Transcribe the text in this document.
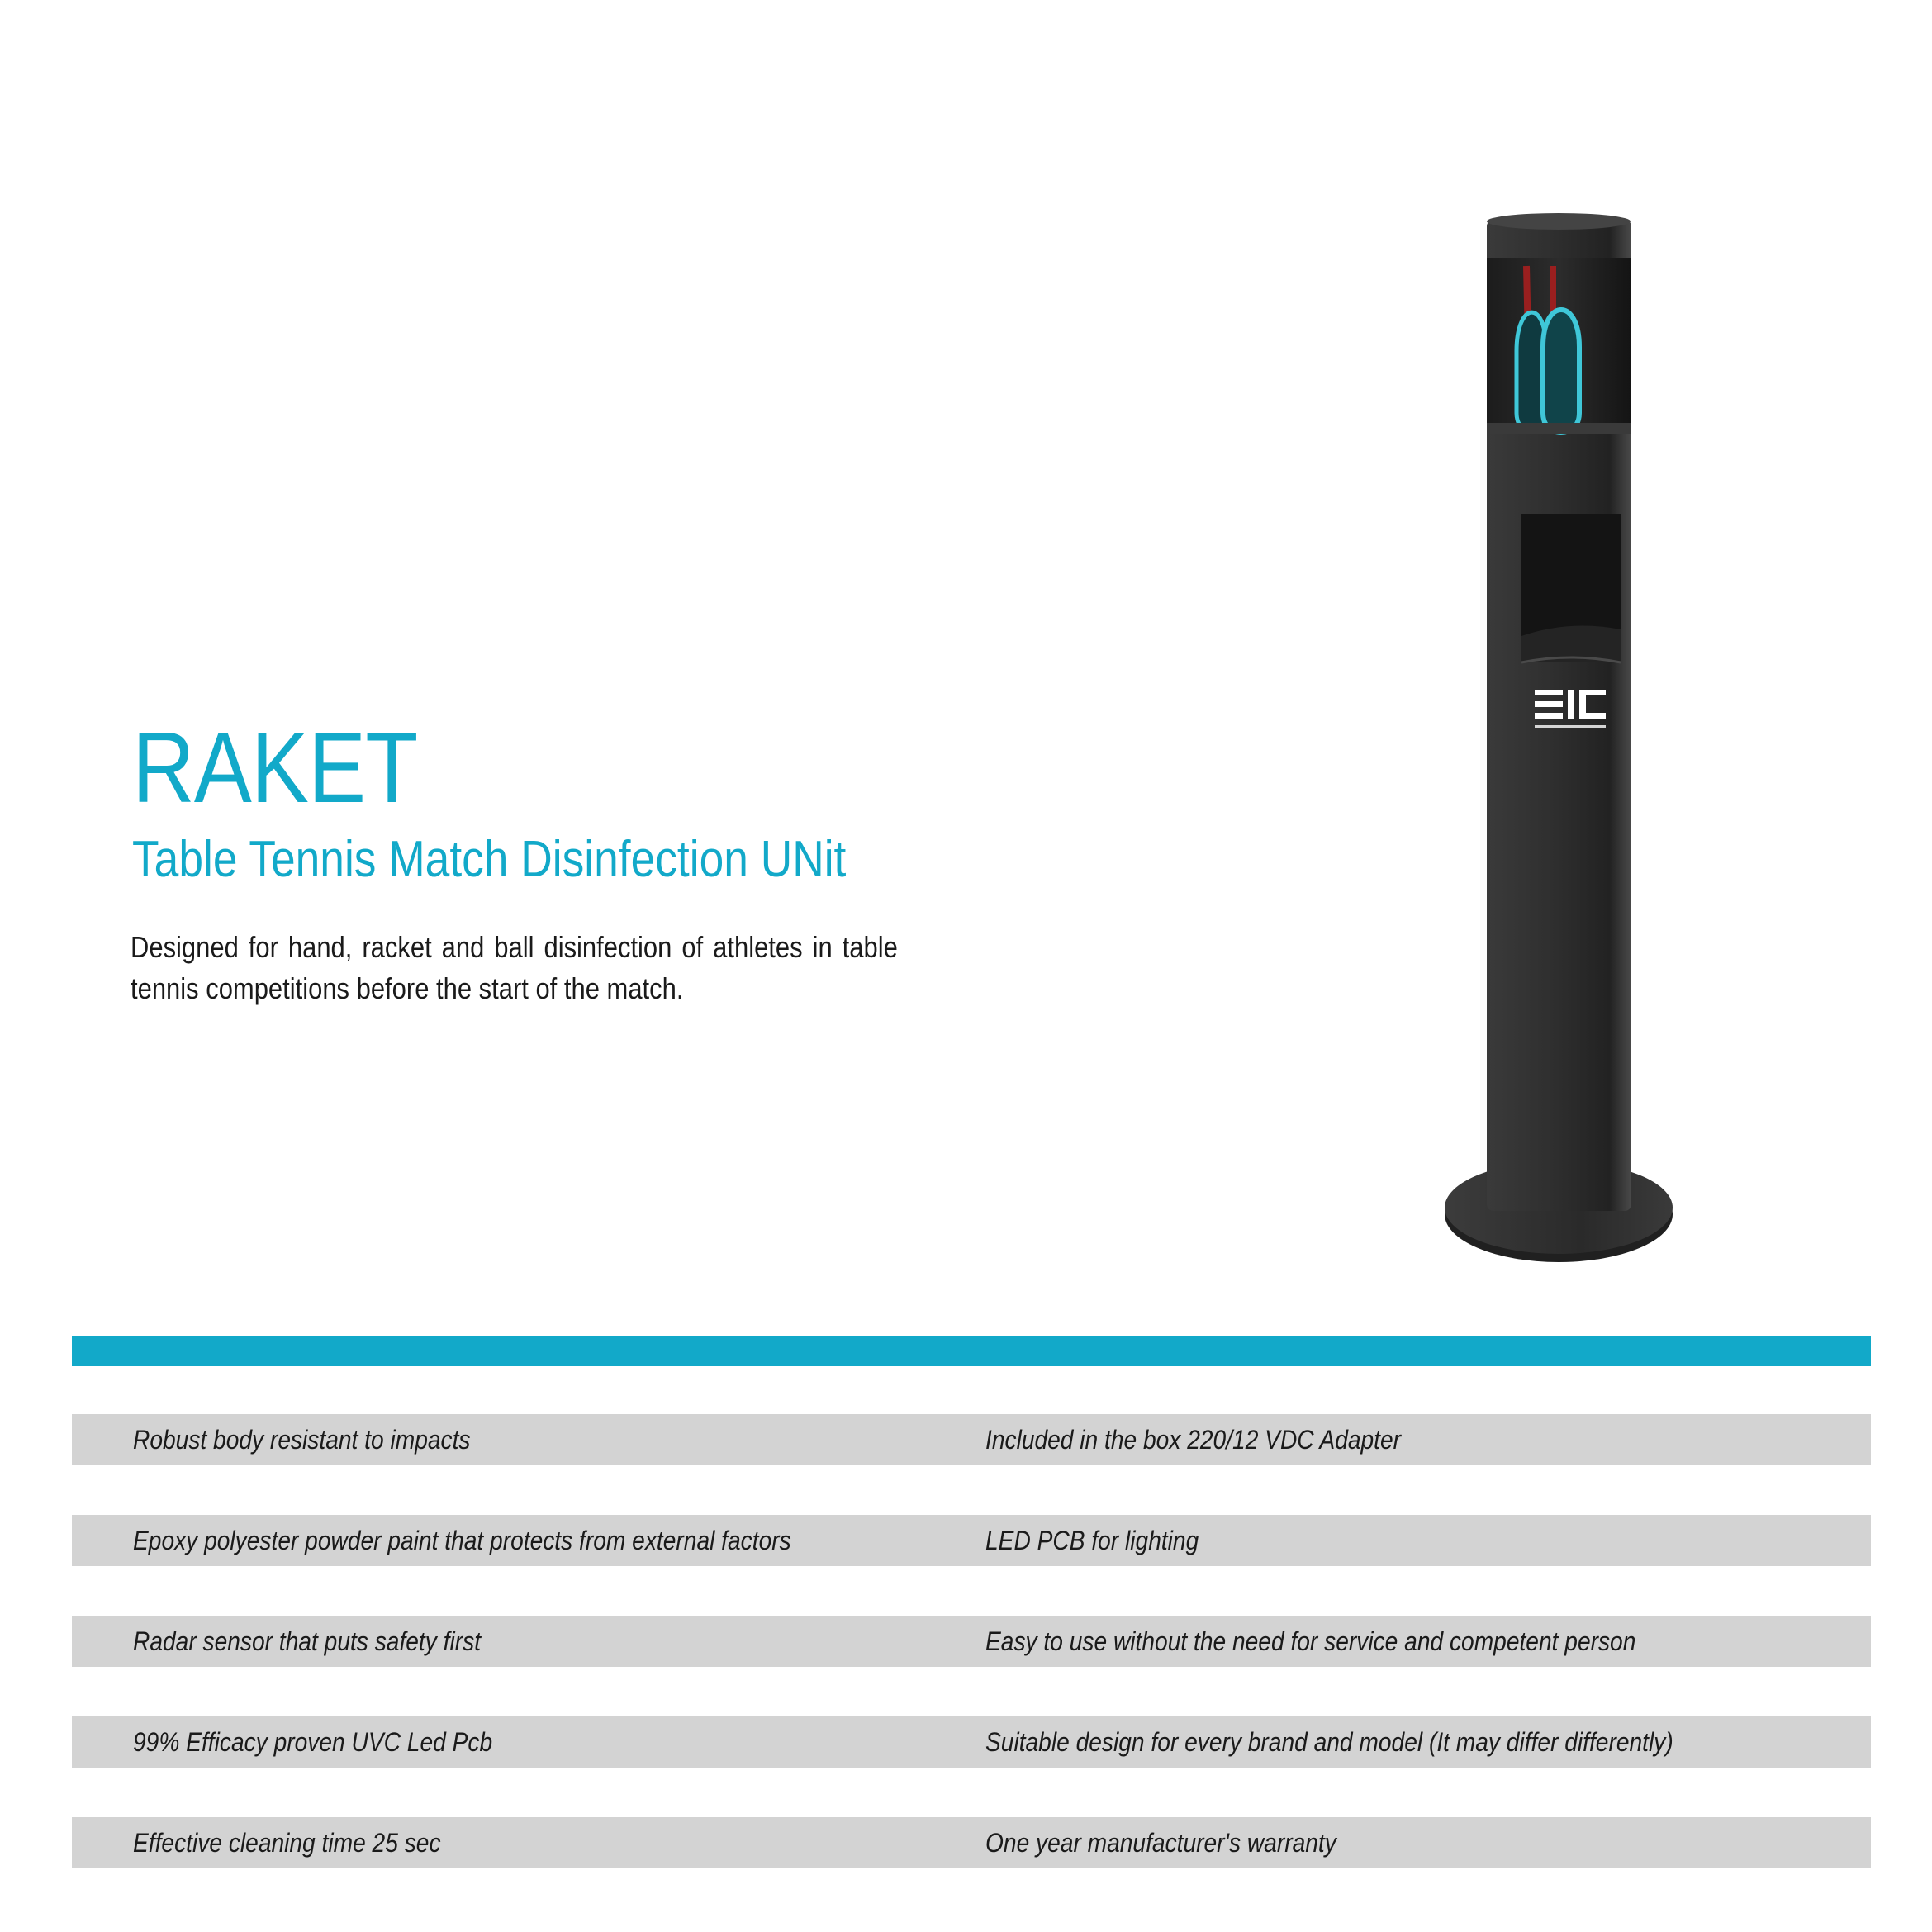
RAKET
Table Tennis Match Disinfection UNit
Designed for hand, racket and ball disinfection of athletes in table tennis competitions before the start of the match.
Robust body resistant to impacts	Included in the box 220/12 VDC Adapter
Epoxy polyester powder paint that protects from external factors	LED PCB for lighting
Radar sensor that puts safety first	Easy to use without the need for service and competent person
99% Efficacy proven UVC Led Pcb	Suitable design for every brand and model (It may differ differently)
Effective cleaning time 25 sec	One year manufacturer's warranty
